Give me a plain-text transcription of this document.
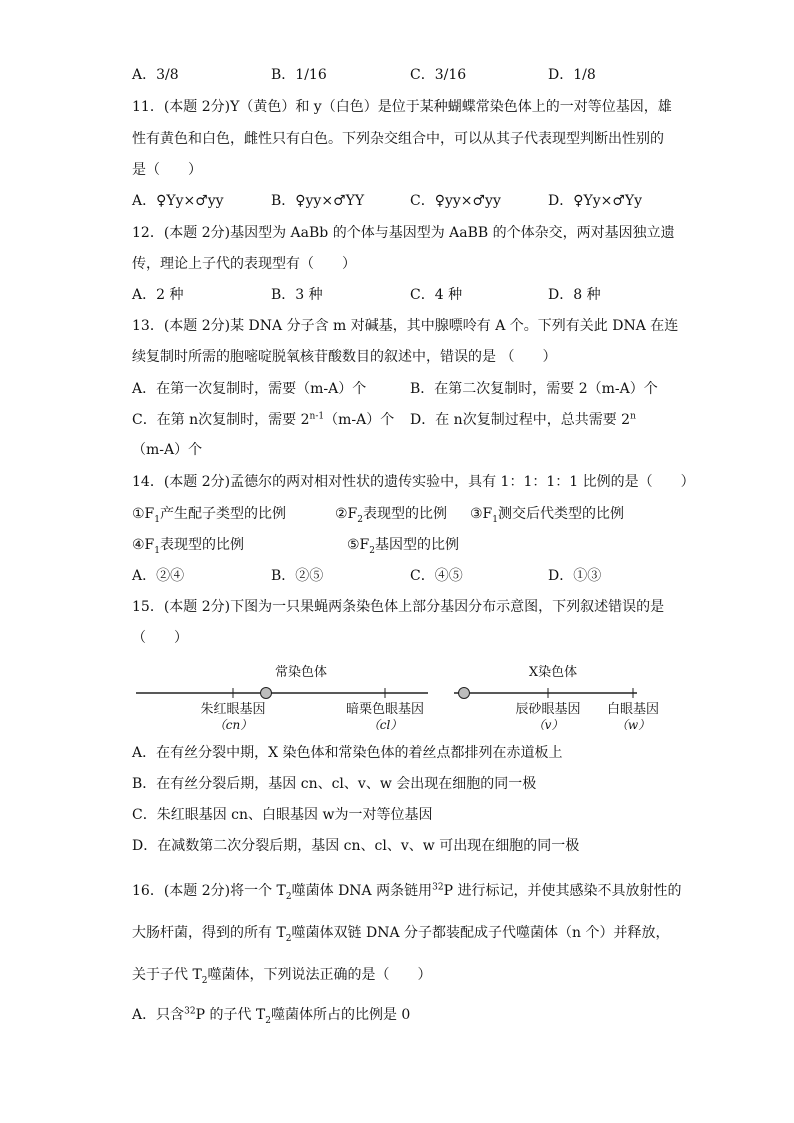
A．3/8	B．1/16	C．3/16	D．1/8
11．(本题 2分)Y（黄色）和 y（白色）是位于某种蝴蝶常染色体上的一对等位基因，雄
性有黄色和白色，雌性只有白色。下列杂交组合中，可以从其子代表现型判断出性别的
是（　　）
A．♀Yy×♂yy	B．♀yy×♂YY	C．♀yy×♂yy	D．♀Yy×♂Yy
12．(本题 2分)基因型为 AaBb 的个体与基因型为 AaBB 的个体杂交，两对基因独立遗
传，理论上子代的表现型有（　　）
A．2 种	B．3 种	C．4 种	D．8 种
13．(本题 2分)某 DNA 分子含 m 对碱基，其中腺嘌呤有 A 个。下列有关此 DNA 在连
续复制时所需的胞嘧啶脱氧核苷酸数目的叙述中，错误的是 （　　）
A．在第一次复制时，需要（m-A）个	B．在第二次复制时，需要 2（m-A）个
C．在第 n次复制时，需要 2$^{n-1}$（m-A）个 D．在 n次复制过程中，总共需要 2$^n$
（m-A）个
14．(本题 2分)孟德尔的两对相对性状的遗传实验中，具有 1：1：1：1 比例的是（　　）
$①F_1$产生配子类型的比例	$②F_2$表现型的比例 $③F_1$测交后代类型的比例
$④F_1$表现型的比例	$⑤F_2$基因型的比例
A．②④	B．②⑤	C．④⑤	D．①③
15．(本题 2分)下图为一只果蝇两条染色体上部分基因分布示意图，下列叙述错误的是
（　　）
常染色体	X染色体
朱红眼基因
（cn）
暗栗色眼基因
（cl）
辰砂眼基因
（v）
白眼基因
（w）
A．在有丝分裂中期，X 染色体和常染色体的着丝点都排列在赤道板上
B．在有丝分裂后期，基因 cn、cl、v、w 会出现在细胞的同一极
C．朱红眼基因 cn、白眼基因 w为一对等位基因
D．在减数第二次分裂后期，基因 cn、cl、v、w 可出现在细胞的同一极
16．(本题 2分)将一个 $T_2$噬菌体 DNA 两条链用$^{32}$P 进行标记，并使其感染不具放射性的
大肠杆菌，得到的所有 $T_2$噬菌体双链 DNA 分子都装配成子代噬菌体（n 个）并释放，
关于子代 $T_2$噬菌体，下列说法正确的是（　　）
A．只含$^{32}$P 的子代 $T_2$噬菌体所占的比例是 0
